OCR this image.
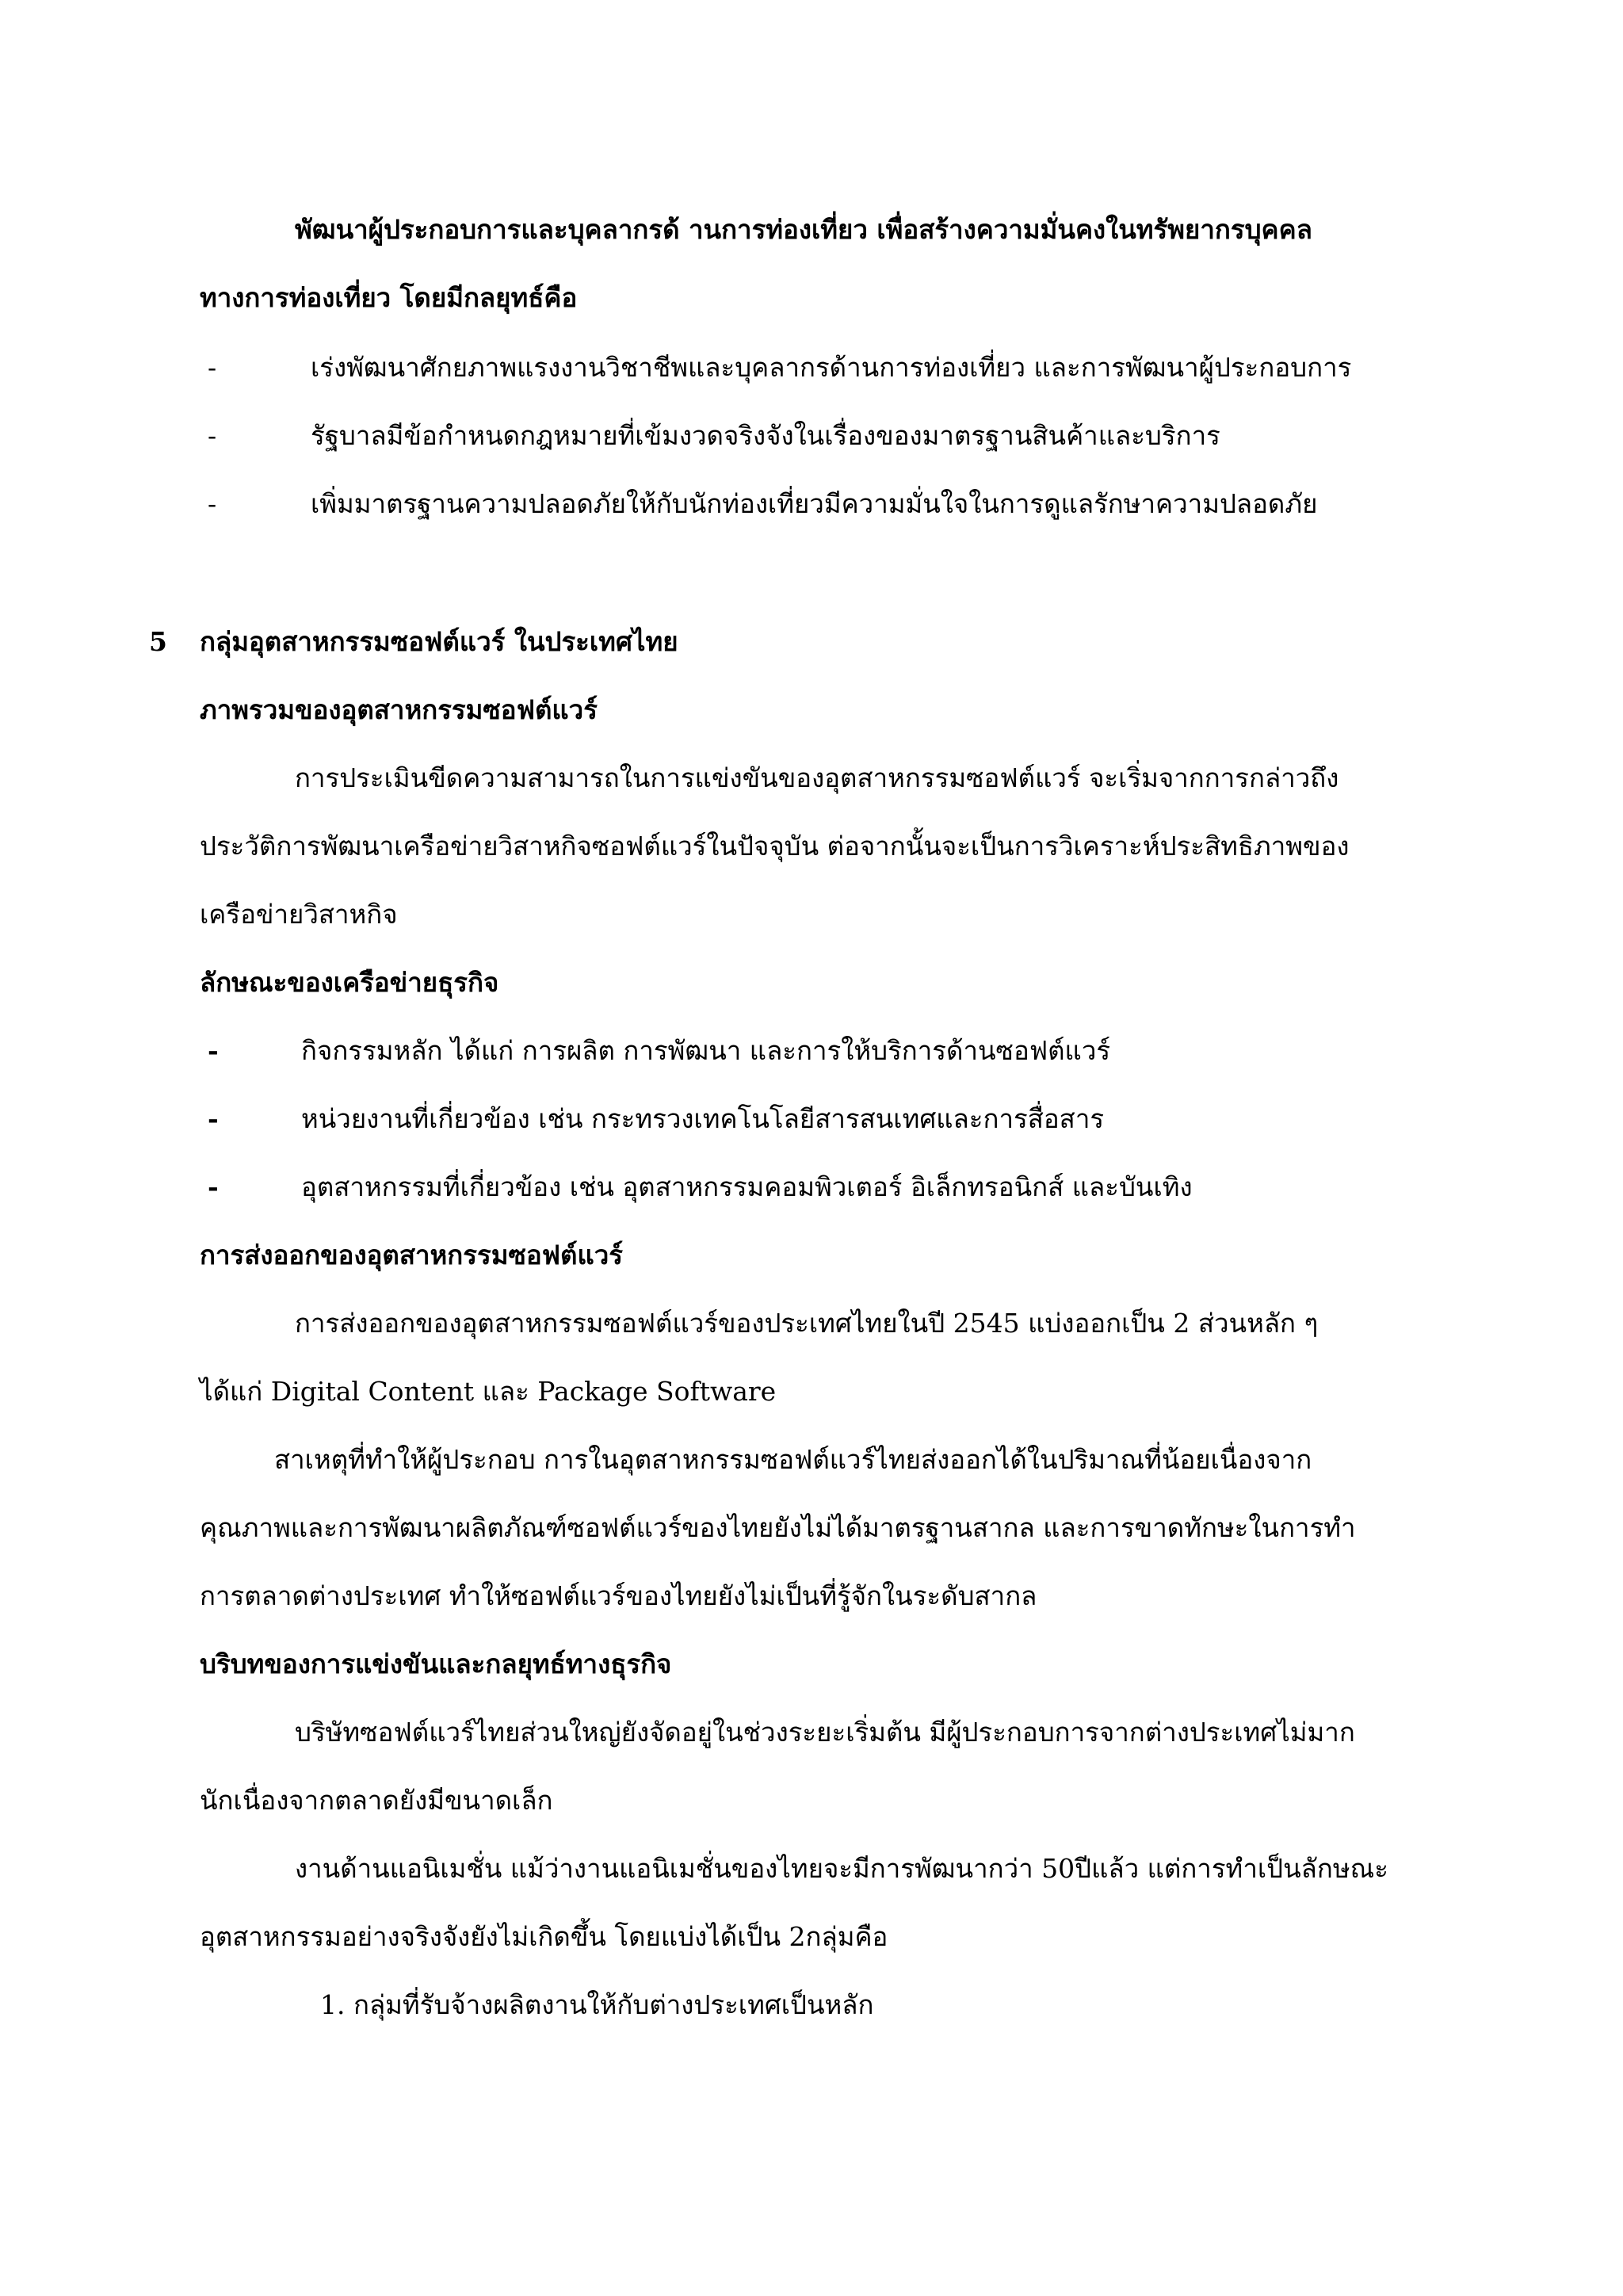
พัฒนาผู้ประกอบการและบุคลากรด้ านการท่องเที่ยว เพื่อสร้างความมั่นคงในทรัพยากรบุคคล
ทางการท่องเที่ยว โดยมีกลยุทธ์คือ
-	เร่งพัฒนาศักยภาพแรงงานวิชาชีพและบุคลากรด้านการท่องเที่ยว และการพัฒนาผู้ประกอบการ
-	รัฐบาลมีข้อกำหนดกฎหมายที่เข้มงวดจริงจังในเรื่องของมาตรฐานสินค้าและบริการ
-	เพิ่มมาตรฐานความปลอดภัยให้กับนักท่องเที่ยวมีความมั่นใจในการดูแลรักษาความปลอดภัย
5 กลุ่มอุตสาหกรรมซอฟต์แวร์ ในประเทศไทย
ภาพรวมของอุตสาหกรรมซอฟต์แวร์
การประเมินขีดความสามารถในการแข่งขันของอุตสาหกรรมซอฟต์แวร์ จะเริ่มจากการกล่าวถึง
ประวัติการพัฒนาเครือข่ายวิสาหกิจซอฟต์แวร์ในปัจจุบัน ต่อจากนั้นจะเป็นการวิเคราะห์ประสิทธิภาพของ
เครือข่ายวิสาหกิจ
ลักษณะของเครือข่ายธุรกิจ
-	กิจกรรมหลัก ได้แก่ การผลิต การพัฒนา และการให้บริการด้านซอฟต์แวร์
-	หน่วยงานที่เกี่ยวข้อง เช่น กระทรวงเทคโนโลยีสารสนเทศและการสื่อสาร
-	อุตสาหกรรมที่เกี่ยวข้อง เช่น อุตสาหกรรมคอมพิวเตอร์ อิเล็กทรอนิกส์ และบันเทิง
การส่งออกของอุตสาหกรรมซอฟต์แวร์
การส่งออกของอุตสาหกรรมซอฟต์แวร์ของประเทศไทยในปี 2545 แบ่งออกเป็น 2 ส่วนหลัก ๆ
ได้แก่ Digital Content และ Package Software
สาเหตุที่ทำให้ผู้ประกอบ การในอุตสาหกรรมซอฟต์แวร์ไทยส่งออกได้ในปริมาณที่น้อยเนื่องจาก
คุณภาพและการพัฒนาผลิตภัณฑ์ซอฟต์แวร์ของไทยยังไม่ได้มาตรฐานสากล และการขาดทักษะในการทำ
การตลาดต่างประเทศ ทำให้ซอฟต์แวร์ของไทยยังไม่เป็นที่รู้จักในระดับสากล
บริบทของการแข่งขันและกลยุทธ์ทางธุรกิจ
บริษัทซอฟต์แวร์ไทยส่วนใหญ่ยังจัดอยู่ในช่วงระยะเริ่มต้น มีผู้ประกอบการจากต่างประเทศไม่มาก
นักเนื่องจากตลาดยังมีขนาดเล็ก
งานด้านแอนิเมชั่น แม้ว่างานแอนิเมชั่นของไทยจะมีการพัฒนากว่า 50ปีแล้ว แต่การทำเป็นลักษณะ
อุตสาหกรรมอย่างจริงจังยังไม่เกิดขึ้น โดยแบ่งได้เป็น 2กลุ่มคือ
1. กลุ่มที่รับจ้างผลิตงานให้กับต่างประเทศเป็นหลัก
